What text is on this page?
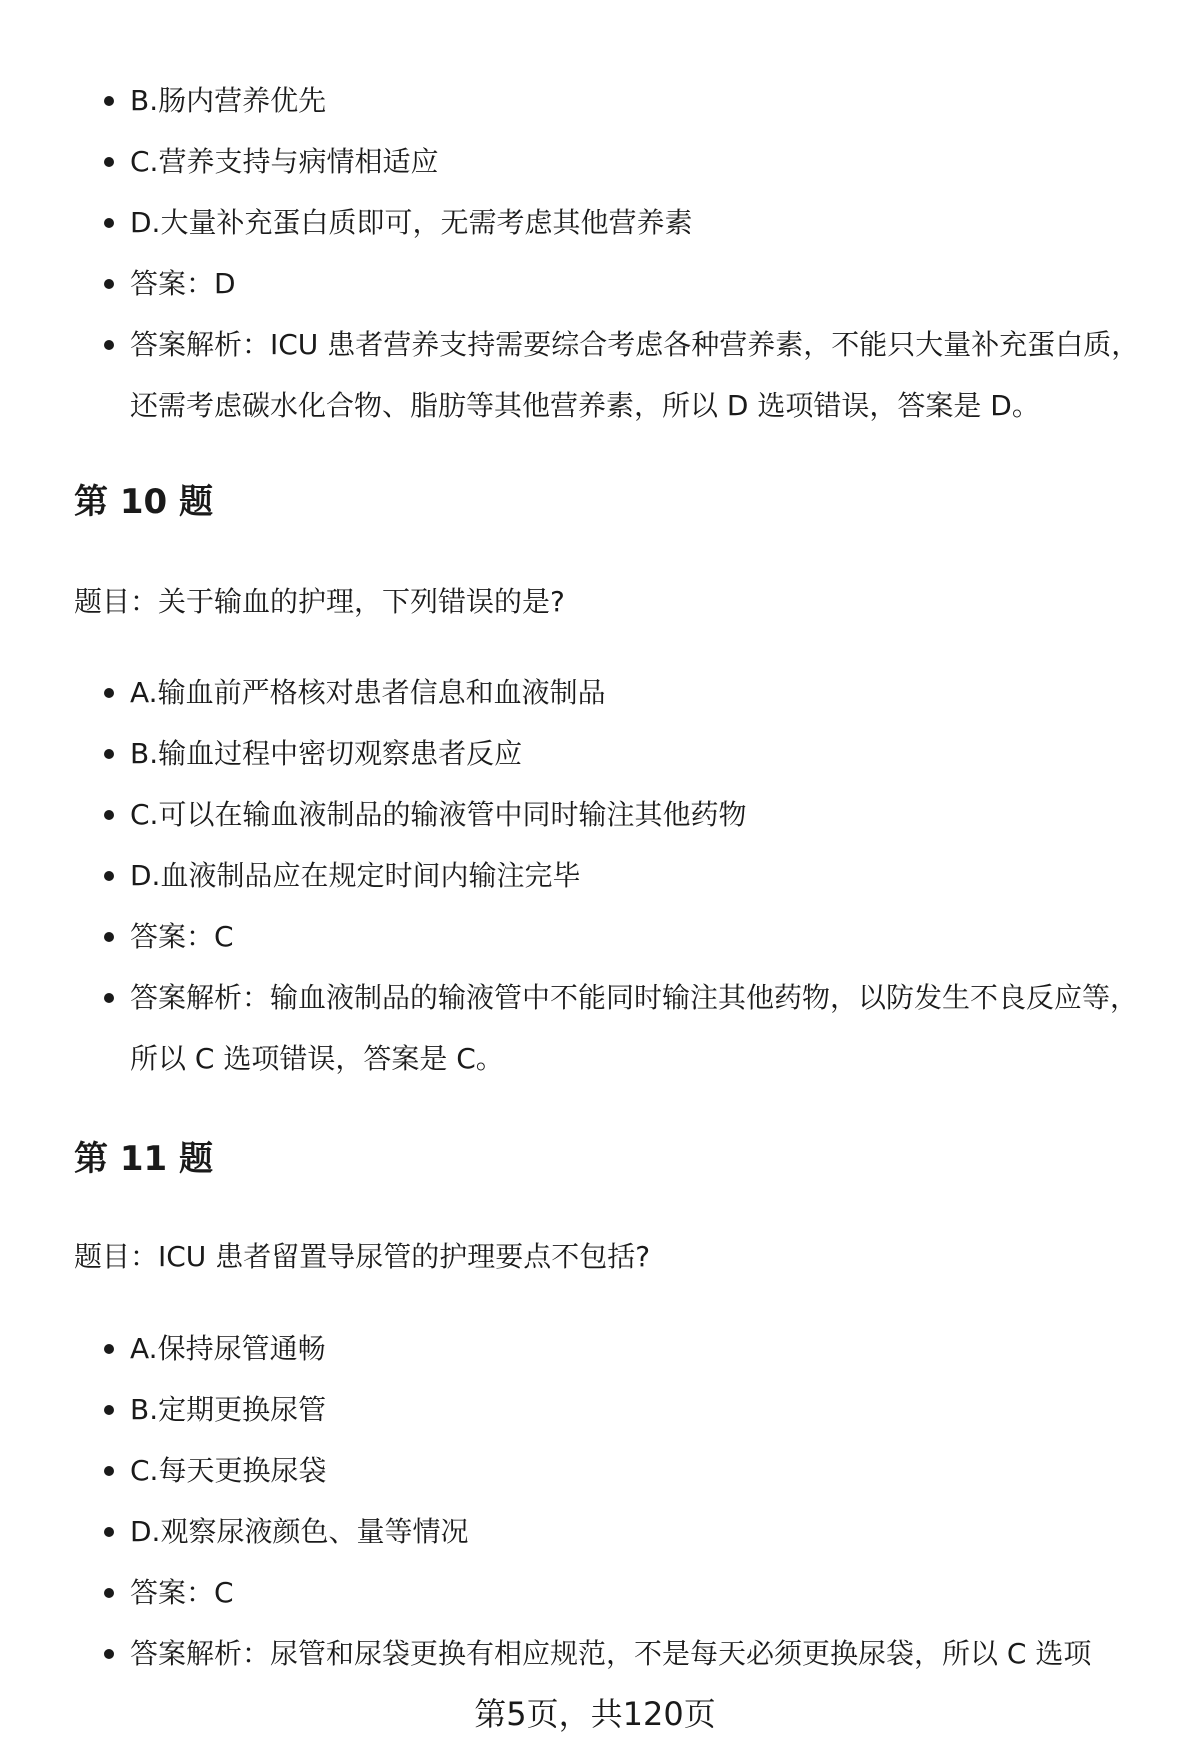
B.肠内营养优先
C.营养支持与病情相适应
D.大量补充蛋白质即可，无需考虑其他营养素
答案：D
答案解析：ICU 患者营养支持需要综合考虑各种营养素，不能只大量补充蛋白质，还需考虑碳水化合物、脂肪等其他营养素，所以 D 选项错误，答案是 D。
第 10 题

题目：关于输血的护理，下列错误的是?

A.输血前严格核对患者信息和血液制品
B.输血过程中密切观察患者反应
C.可以在输血液制品的输液管中同时输注其他药物
D.血液制品应在规定时间内输注完毕
答案：C
答案解析：输血液制品的输液管中不能同时输注其他药物，以防发生不良反应等，所以 C 选项错误，答案是 C。
第 11 题

题目：ICU 患者留置导尿管的护理要点不包括?

A.保持尿管通畅
B.定期更换尿管
C.每天更换尿袋
D.观察尿液颜色、量等情况
答案：C
答案解析：尿管和尿袋更换有相应规范，不是每天必须更换尿袋，所以 C 选项
第5页，共120页
